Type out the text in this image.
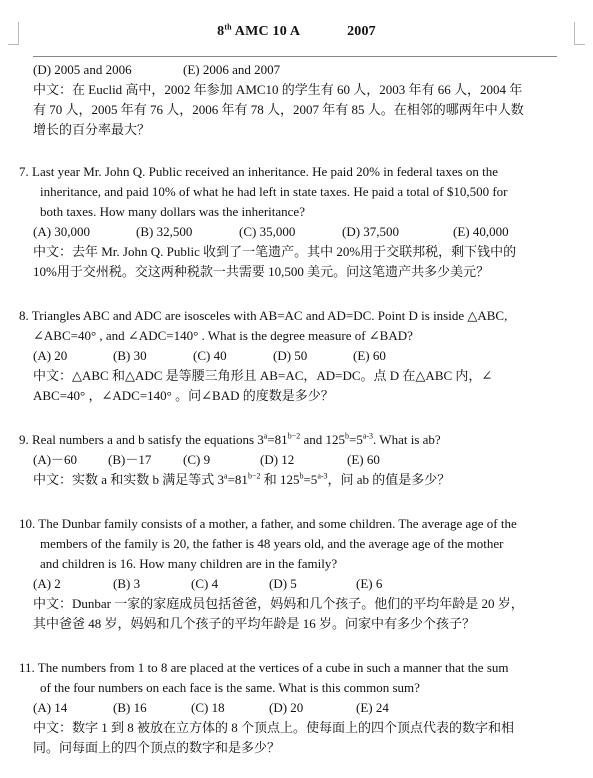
8th AMC 10 A	2007
(D) 2005 and 2006	(E) 2006 and 2007
中文：在 Euclid 高中，2002 年参加 AMC10 的学生有 60 人，2003 年有 66 人，2004 年
有 70 人，2005 年有 76 人，2006 年有 78 人，2007 年有 85 人。在相邻的哪两年中人数
增长的百分率最大？
7. Last year Mr. John Q. Public received an inheritance. He paid 20% in federal taxes on the
inheritance, and paid 10% of what he had left in state taxes. He paid a total of $10,500 for
both taxes. How many dollars was the inheritance?
(A) 30,000	(B) 32,500	(C) 35,000	(D) 37,500	(E) 40,000
中文：去年 Mr. John Q. Public 收到了一笔遗产。其中 20%用于交联邦税，剩下钱中的
10%用于交州税。交这两种税款一共需要 10,500 美元。问这笔遗产共多少美元？
8. Triangles ABC and ADC are isosceles with AB=AC and AD=DC. Point D is inside △ABC,
∠ABC=40° , and ∠ADC=140° . What is the degree measure of ∠BAD?
(A) 20	(B) 30	(C) 40	(D) 50	(E) 60
中文：△ABC 和△ADC 是等腰三角形且 AB=AC，AD=DC。点 D 在△ABC 内，∠
ABC=40° ，∠ADC=140° 。问∠BAD 的度数是多少？
9. Real numbers a and b satisfy the equations $3^a=81^{b-2}$ and $125^b=5^{a-3}$. What is ab?
(A)－60	(B)－17	(C) 9	(D) 12	(E) 60
中文：实数 a 和实数 b 满足等式 $3^a=81^{b-2}$ 和 $125^b=5^{a-3}$，问 ab 的值是多少？
10. The Dunbar family consists of a mother, a father, and some children. The average age of the
members of the family is 20, the father is 48 years old, and the average age of the mother
and children is 16. How many children are in the family?
(A) 2	(B) 3	(C) 4	(D) 5	(E) 6
中文：Dunbar 一家的家庭成员包括爸爸，妈妈和几个孩子。他们的平均年龄是 20 岁，
其中爸爸 48 岁，妈妈和几个孩子的平均年龄是 16 岁。问家中有多少个孩子？
11. The numbers from 1 to 8 are placed at the vertices of a cube in such a manner that the sum
of the four numbers on each face is the same. What is this common sum?
(A) 14	(B) 16	(C) 18	(D) 20	(E) 24
中文：数字 1 到 8 被放在立方体的 8 个顶点上。使每面上的四个顶点代表的数字和相
同。问每面上的四个顶点的数字和是多少？
